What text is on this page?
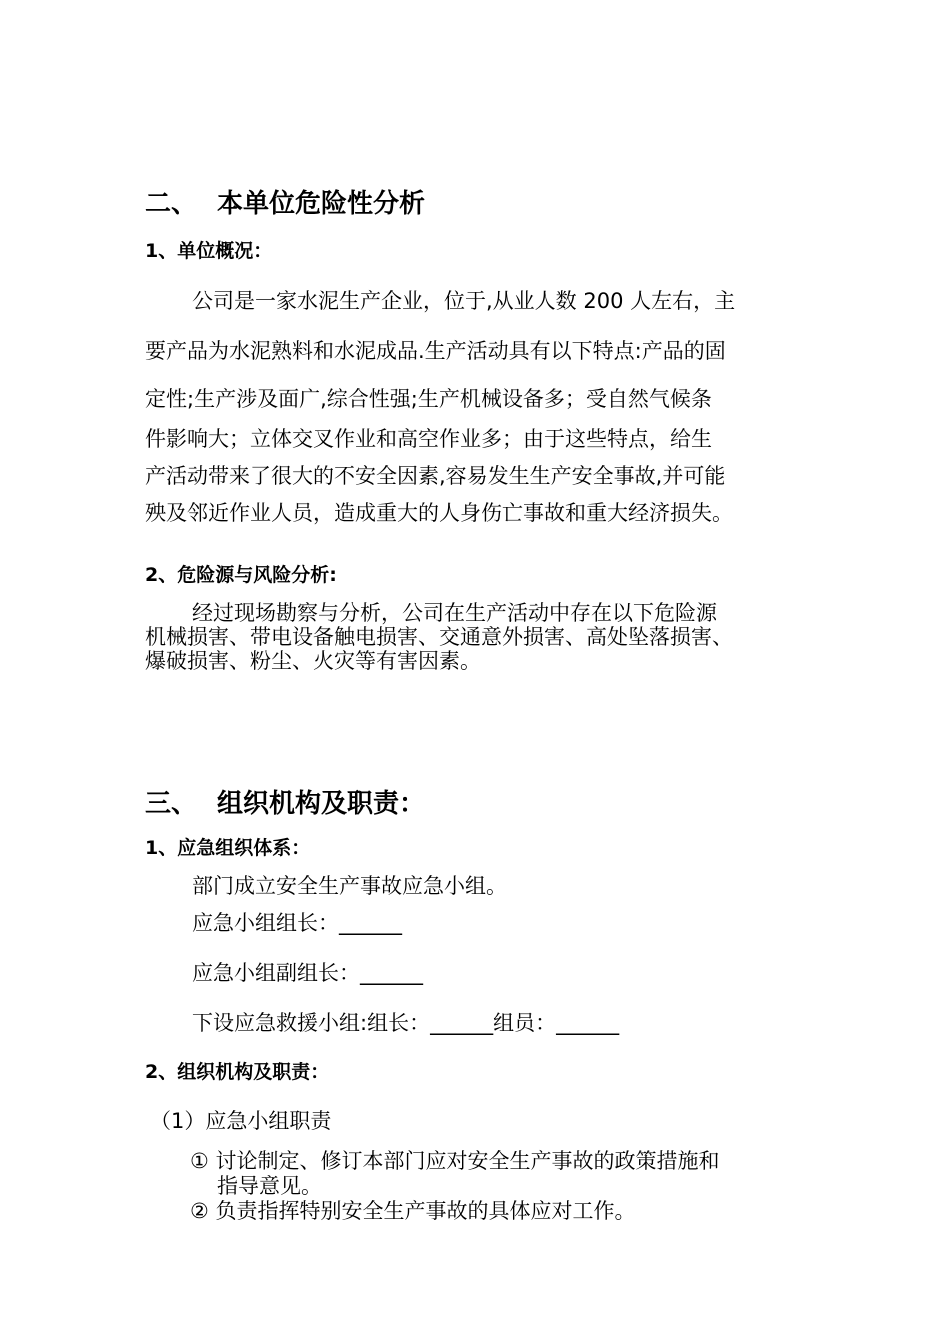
二、 本单位危险性分析
1、单位概况：
公司是一家水泥生产企业，位于,从业人数 200 人左右，主
要产品为水泥熟料和水泥成品.生产活动具有以下特点:产品的固
定性;生产涉及面广,综合性强;生产机械设备多；受自然气候条
件影响大；立体交叉作业和高空作业多；由于这些特点，给生
产活动带来了很大的不安全因素,容易发生生产安全事故,并可能
殃及邻近作业人员，造成重大的人身伤亡事故和重大经济损失。
2、危险源与风险分析:
经过现场勘察与分析，公司在生产活动中存在以下危险源
机械损害、带电设备触电损害、交通意外损害、高处坠落损害、
爆破损害、粉尘、火灾等有害因素。
三、 组织机构及职责：
1、应急组织体系：
部门成立安全生产事故应急小组。
应急小组组长：______
应急小组副组长：______
下设应急救援小组:组长：______组员：______
2、组织机构及职责：
（1）应急小组职责
① 讨论制定、修订本部门应对安全生产事故的政策措施和
指导意见。
② 负责指挥特别安全生产事故的具体应对工作。
